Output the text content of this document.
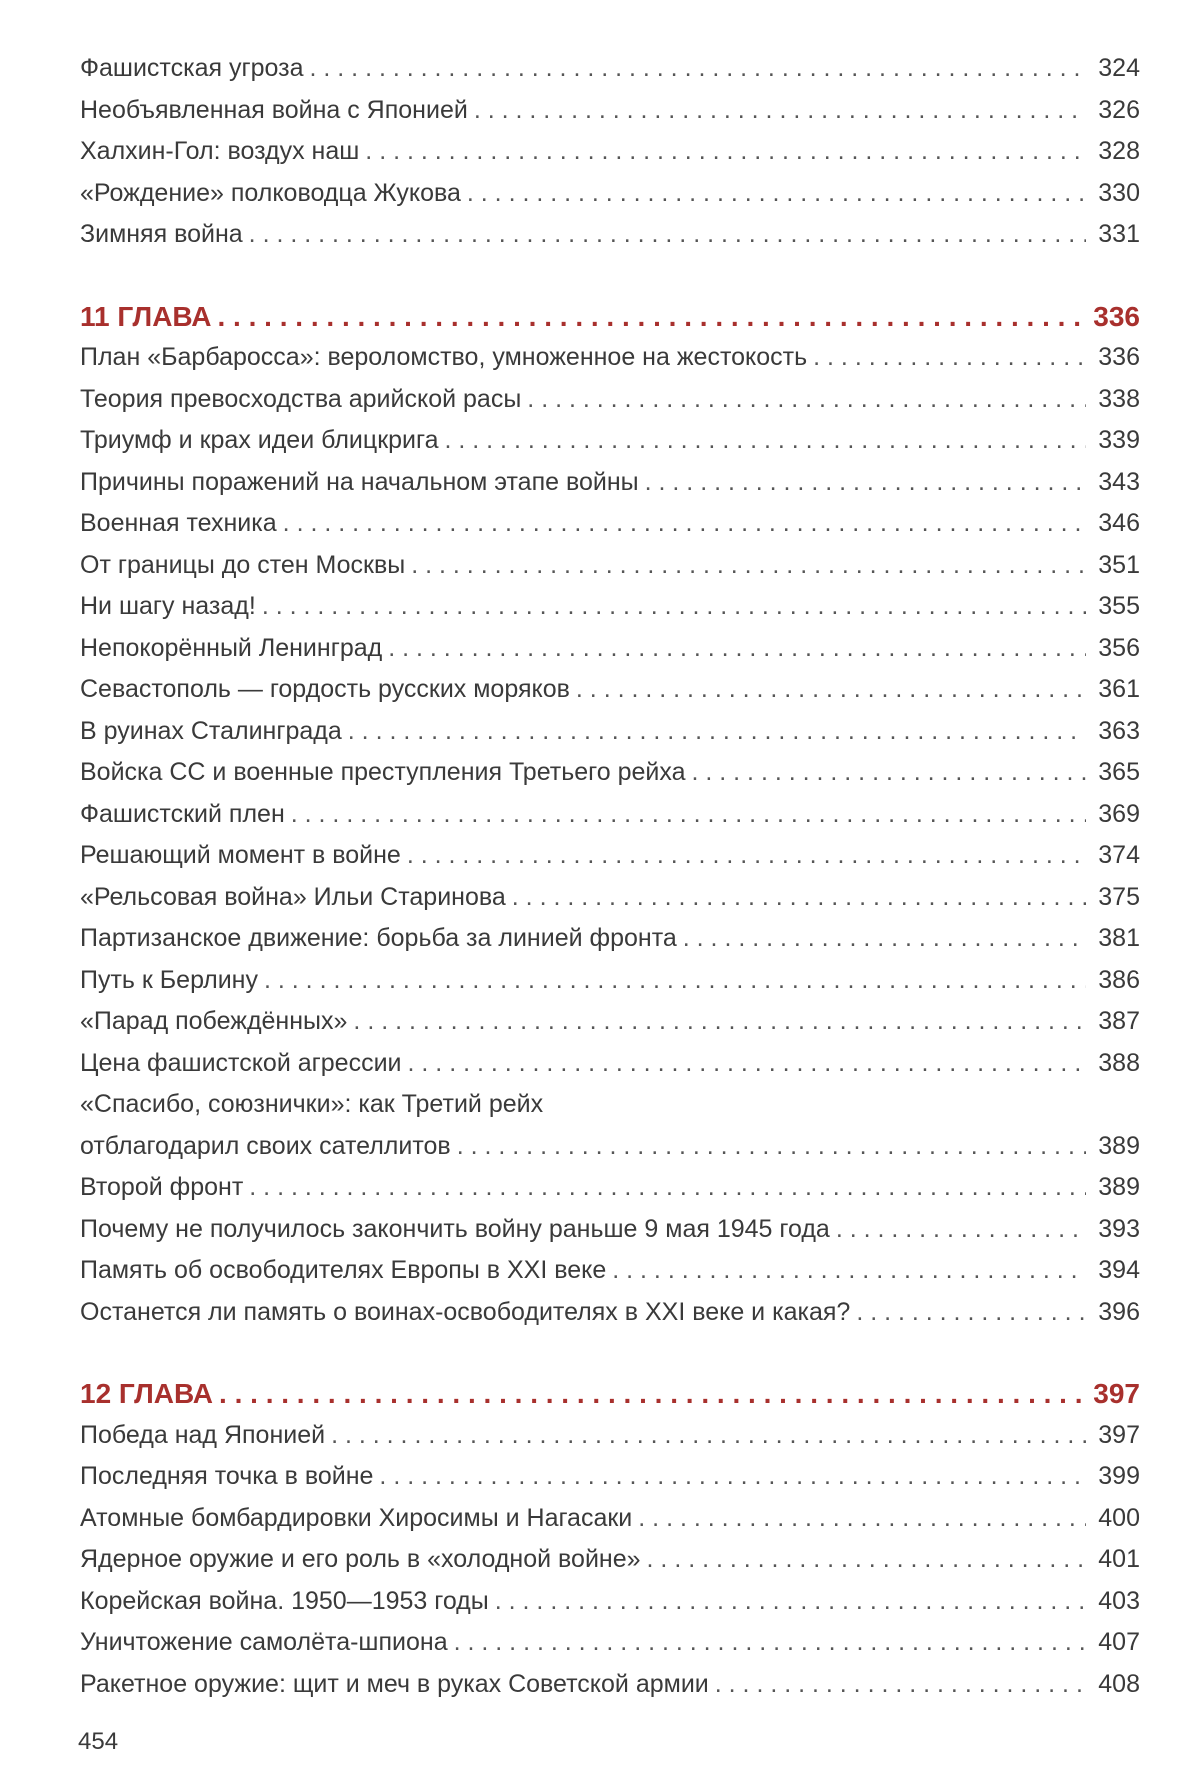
Фашистская угроза . . .	324
Необъявленная война с Японией . . .	326
Халхин-Гол: воздух наш . . .	328
«Рождение» полководца Жукова . . .	330
Зимняя война . . .	331
11 ГЛАВА . . .	336
План «Барбаросса»: вероломство, умноженное на жестокость . . .	336
Теория превосходства арийской расы . . .	338
Триумф и крах идеи блицкрига . . .	339
Причины поражений на начальном этапе войны . . .	343
Военная техника . . .	346
От границы до стен Москвы . . .	351
Ни шагу назад! . . .	355
Непокорённый Ленинград . . .	356
Севастополь — гордость русских моряков . . .	361
В руинах Сталинграда . . .	363
Войска СС и военные преступления Третьего рейха . . .	365
Фашистский плен . . .	369
Решающий момент в войне . . .	374
«Рельсовая война» Ильи Старинова . . .	375
Партизанское движение: борьба за линией фронта . . .	381
Путь к Берлину . . .	386
«Парад побеждённых» . . .	387
Цена фашистской агрессии . . .	388
«Спасибо, союзнички»: как Третий рейх
отблагодарил своих сателлитов . . .	389
Второй фронт . . .	389
Почему не получилось закончить войну раньше 9 мая 1945 года . . .	393
Память об освободителях Европы в XXI веке . . .	394
Останется ли память о воинах-освободителях в XXI веке и какая? . . .	396
12 ГЛАВА . . .	397
Победа над Японией . . .	397
Последняя точка в войне . . .	399
Атомные бомбардировки Хиросимы и Нагасаки . . .	400
Ядерное оружие и его роль в «холодной войне» . . .	401
Корейская война. 1950—1953 годы . . .	403
Уничтожение самолёта-шпиона . . .	407
Ракетное оружие: щит и меч в руках Советской армии . . .	408
454
